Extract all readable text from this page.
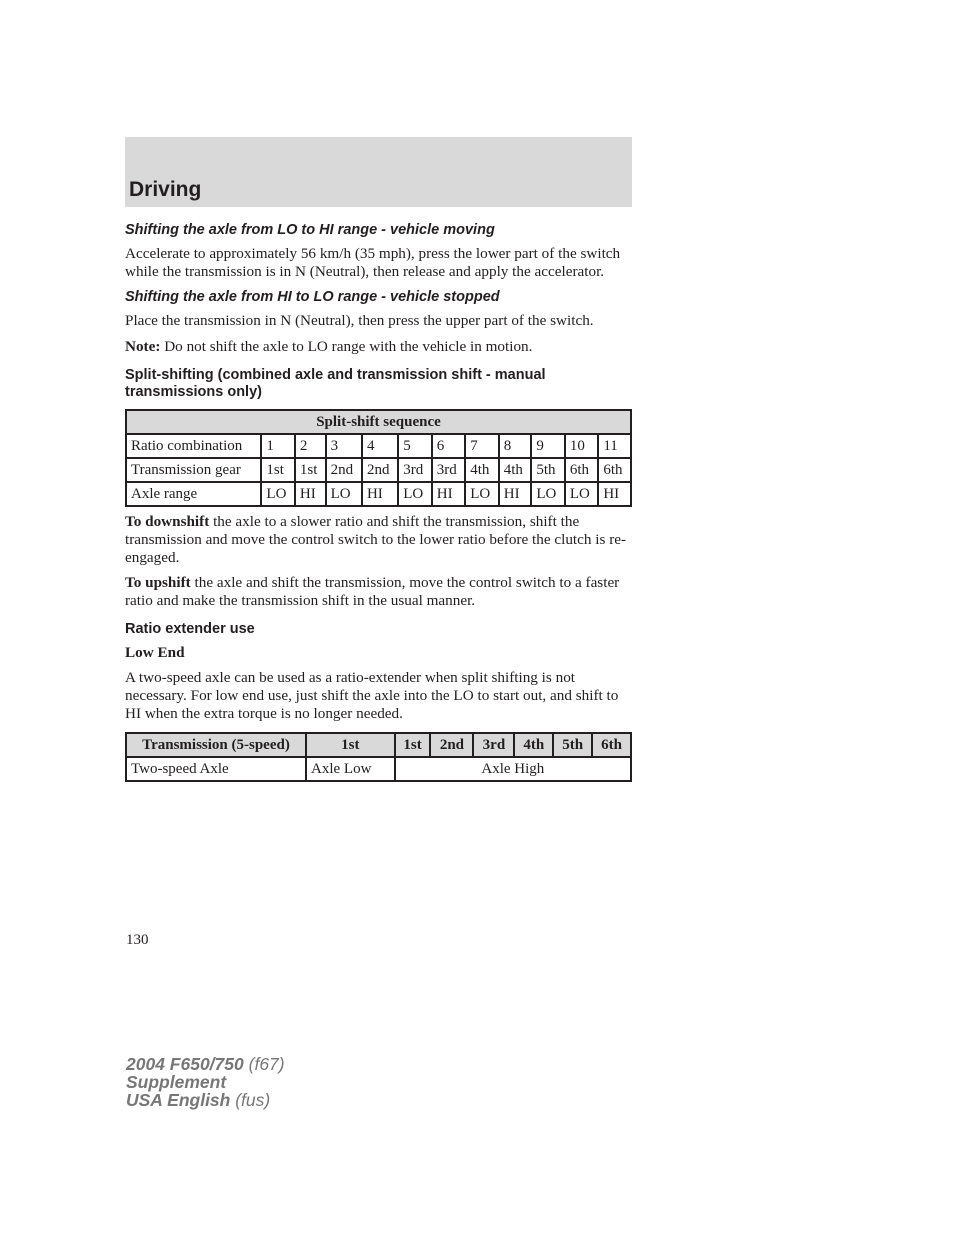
Driving
Shifting the axle from LO to HI range - vehicle moving

Accelerate to approximately 56 km/h (35 mph), press the lower part of the switch while the transmission is in N (Neutral), then release and apply the accelerator.

Shifting the axle from HI to LO range - vehicle stopped

Place the transmission in N (Neutral), then press the upper part of the switch.

Note: Do not shift the axle to LO range with the vehicle in motion.

Split-shifting (combined axle and transmission shift - manual transmissions only)
Split-shift sequence											
Ratio combination	1	2	3	4	5	6	7	8	9	10	11
Transmission gear	1st	1st	2nd	2nd	3rd	3rd	4th	4th	5th	6th	6th
Axle range	LO	HI	LO	HI	LO	HI	LO	HI	LO	LO	HI

To downshift the axle to a slower ratio and shift the transmission, shift the transmission and move the control switch to the lower ratio before the clutch is re-engaged.

To upshift the axle and shift the transmission, move the control switch to a faster ratio and make the transmission shift in the usual manner.

Ratio extender use
Low End

A two-speed axle can be used as a ratio-extender when split shifting is not necessary. For low end use, just shift the axle into the LO to start out, and shift to HI when the extra torque is no longer needed.

Transmission (5-speed)	1st	1st	2nd	3rd	4th	5th	6th
Two-speed Axle	Axle Low	Axle High					
130
2004 F650/750 (f67)
Supplement
USA English (fus)
